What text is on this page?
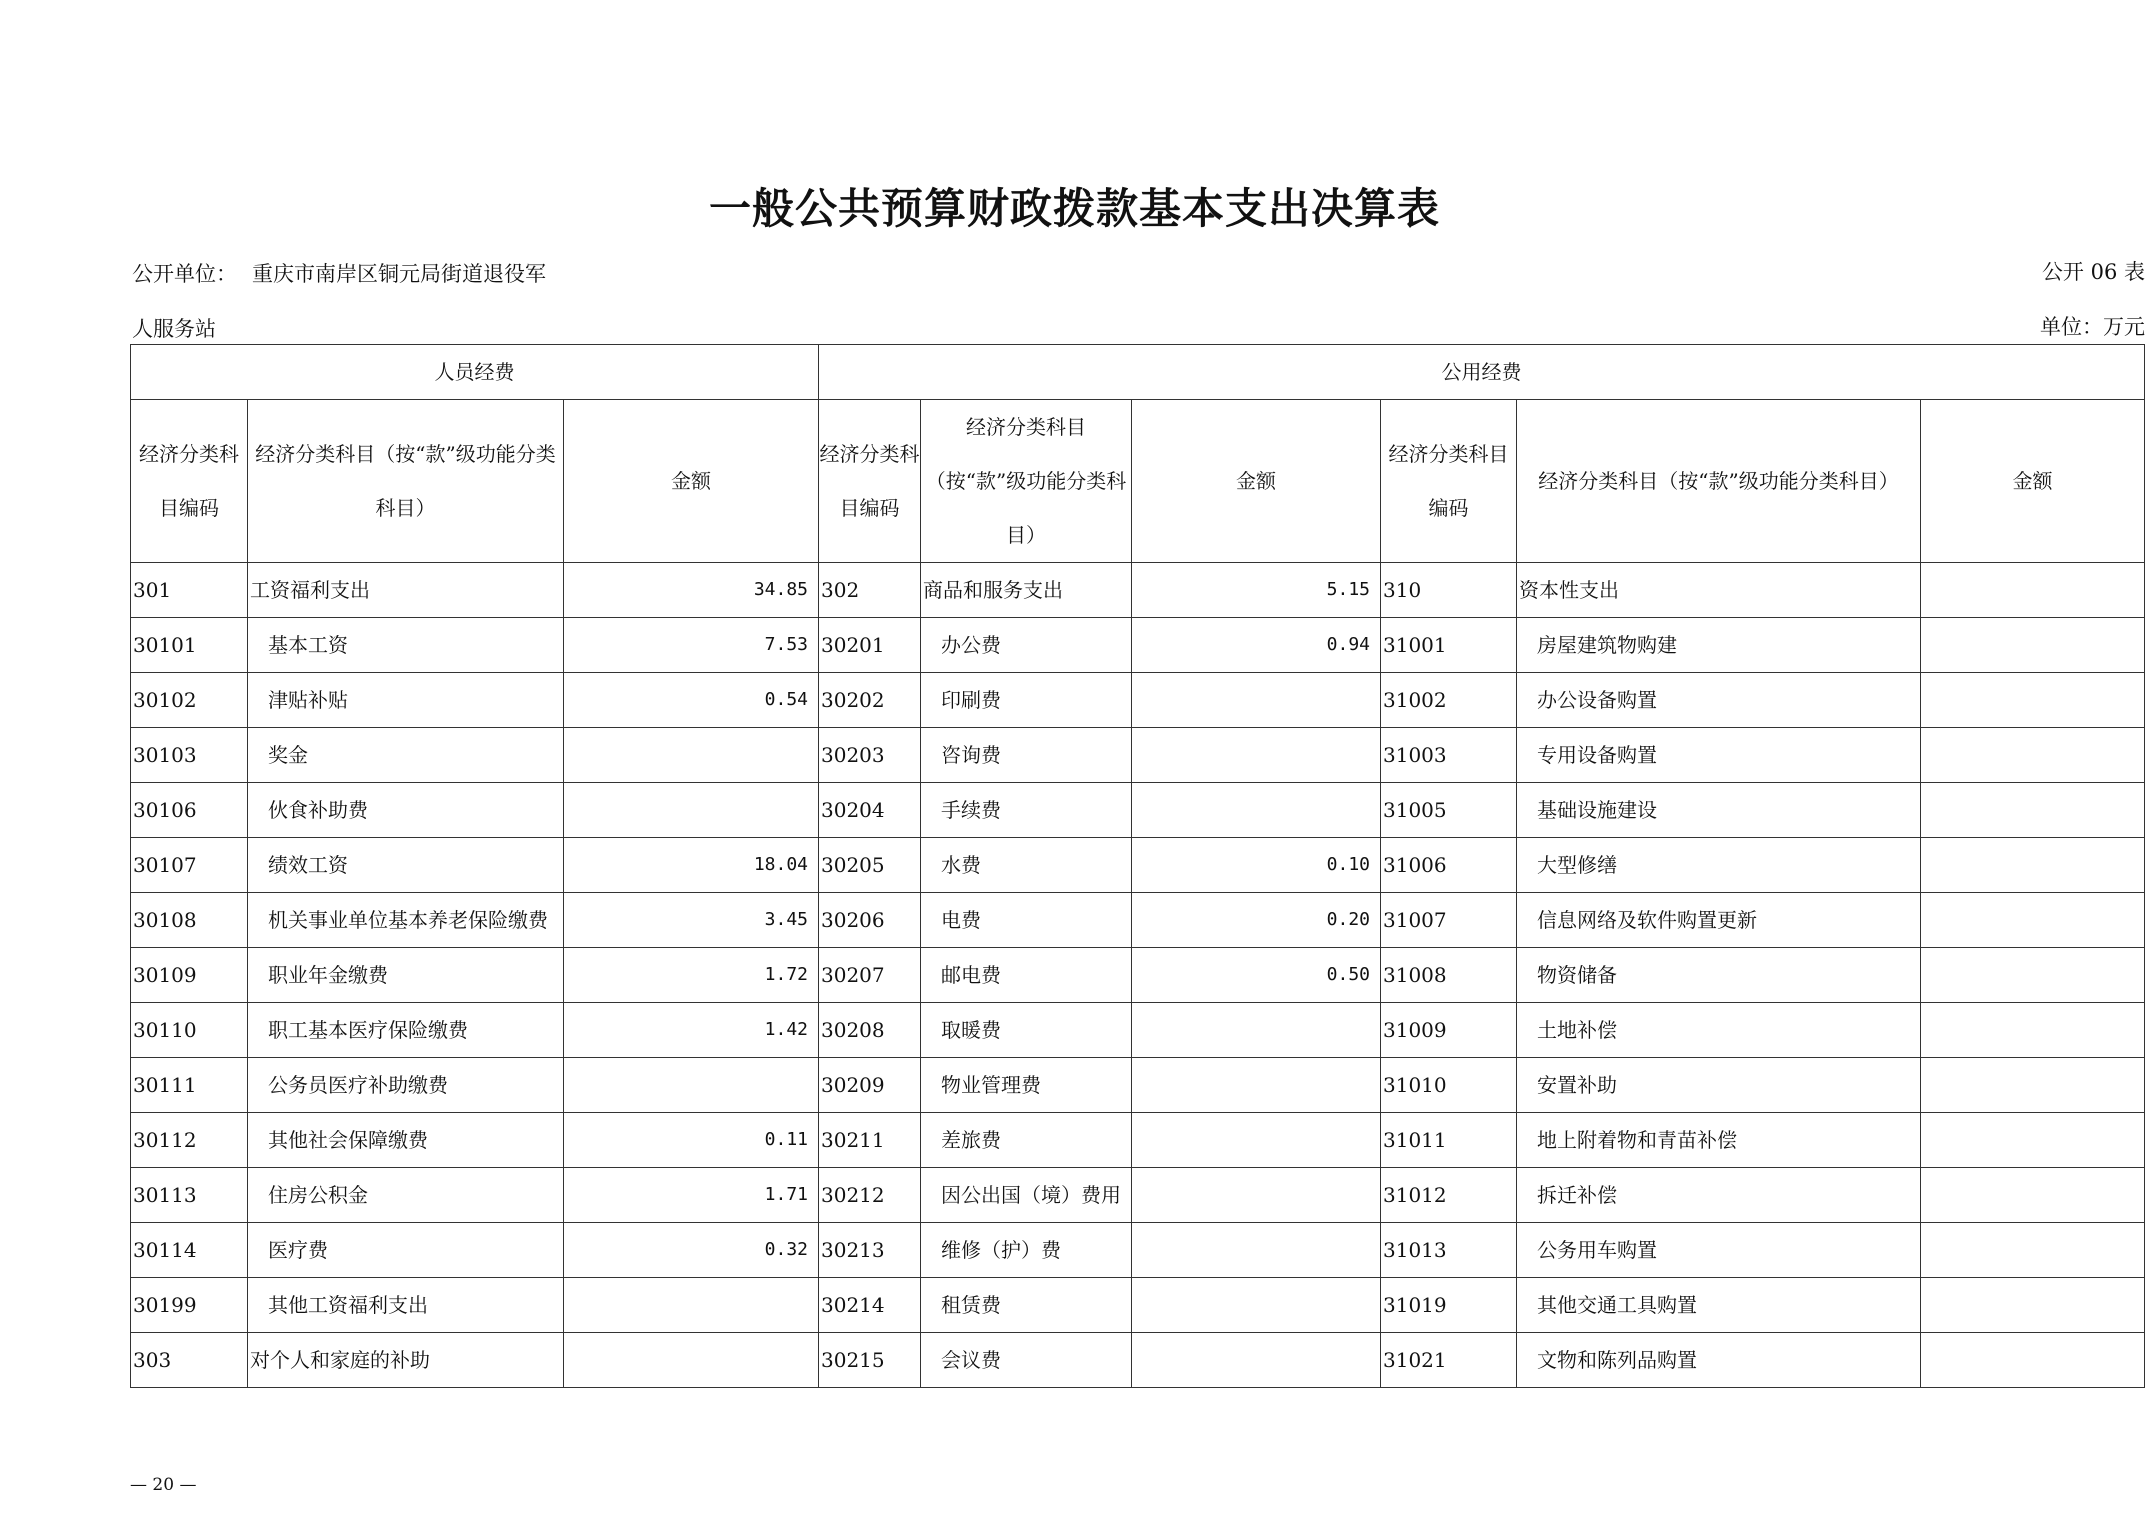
一般公共预算财政拨款基本支出决算表
公开单位： 重庆市南岸区铜元局街道退役军
人服务站
公开 06 表
单位：万元
人员经费			公用经费					
经济分类科目编码	经济分类科目（按“款”级功能分类科目）	金额	经济分类科目编码	经济分类科目（按“款”级功能分类科目）	金额	经济分类科目编码	经济分类科目（按“款”级功能分类科目）	金额
301	工资福利支出	34.85	302	商品和服务支出	5.15	310	资本性支出	
30101	基本工资	7.53	30201	办公费	0.94	31001	房屋建筑物购建	
30102	津贴补贴	0.54	30202	印刷费		31002	办公设备购置	
30103	奖金		30203	咨询费		31003	专用设备购置	
30106	伙食补助费		30204	手续费		31005	基础设施建设	
30107	绩效工资	18.04	30205	水费	0.10	31006	大型修缮	
30108	机关事业单位基本养老保险缴费	3.45	30206	电费	0.20	31007	信息网络及软件购置更新	
30109	职业年金缴费	1.72	30207	邮电费	0.50	31008	物资储备	
30110	职工基本医疗保险缴费	1.42	30208	取暖费		31009	土地补偿	
30111	公务员医疗补助缴费		30209	物业管理费		31010	安置补助	
30112	其他社会保障缴费	0.11	30211	差旅费		31011	地上附着物和青苗补偿	
30113	住房公积金	1.71	30212	因公出国（境）费用		31012	拆迁补偿	
30114	医疗费	0.32	30213	维修（护）费		31013	公务用车购置	
30199	其他工资福利支出		30214	租赁费		31019	其他交通工具购置	
303	对个人和家庭的补助		30215	会议费		31021	文物和陈列品购置	
— 20 —
